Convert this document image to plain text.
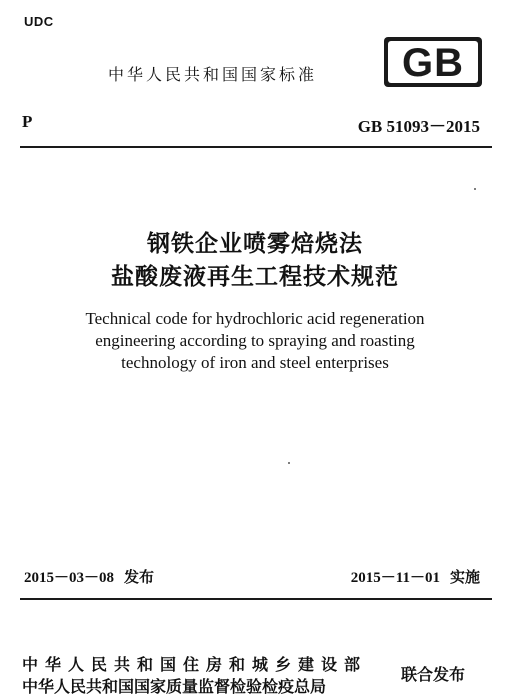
UDC
中华人民共和国国家标准 GB
P	GB 51093－2015
钢铁企业喷雾焙烧法
盐酸废液再生工程技术规范
Technical code for hydrochloric acid regeneration
engineering according to spraying and roasting
technology of iron and steel enterprises
2015－03－08 发布	2015－11－01 实施
中华人民共和国住房和城乡建设部
中华人民共和国国家质量监督检验检疫总局
联合发布
